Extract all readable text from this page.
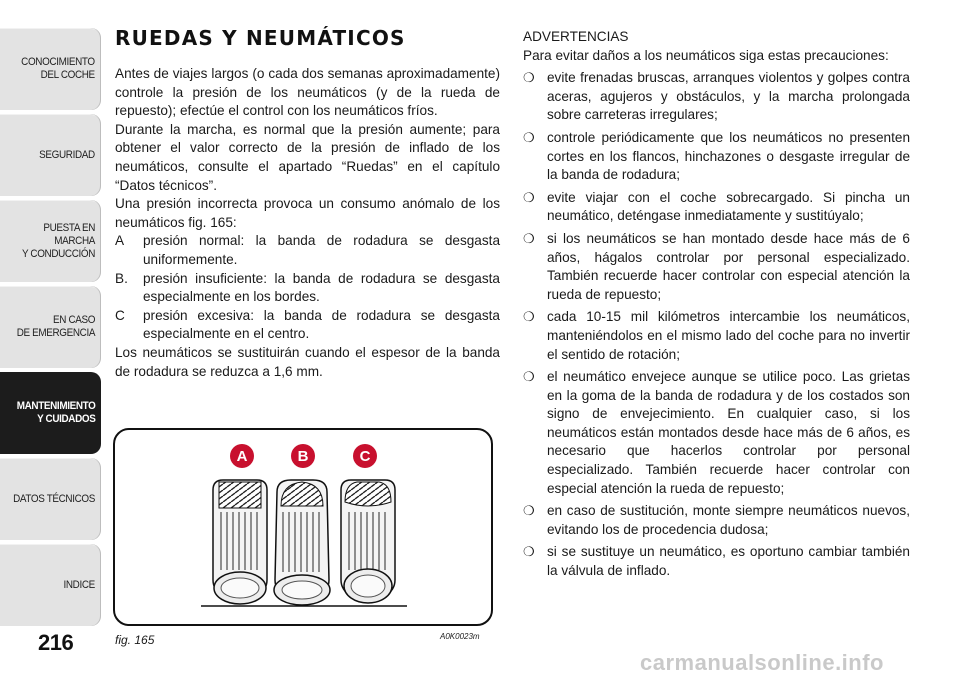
CONOCIMIENTO
DEL COCHE
SEGURIDAD
PUESTA EN MARCHA
Y CONDUCCIÓN
EN CASO
DE EMERGENCIA
MANTENIMIENTO
Y CUIDADOS
DATOS TÉCNICOS
INDICE
216
RUEDAS Y NEUMÁTICOS

Antes de viajes largos (o cada dos semanas aproximadamente) controle la presión de los neumáticos (y de la rueda de repuesto); efectúe el control con los neumáticos fríos.

Durante la marcha, es normal que la presión aumente; para obtener el valor correcto de la presión de inflado de los neumáticos, consulte el apartado “Ruedas” en el capítulo “Datos técnicos”.

Una presión incorrecta provoca un consumo anómalo de los neumáticos fig. 165:

A presión normal: la banda de rodadura se desgasta uniformemente.
B. presión insuficiente: la banda de rodadura se desgasta especialmente en los bordes.
C presión excesiva: la banda de rodadura se desgasta especialmente en el centro.

Los neumáticos se sustituirán cuando el espesor de la banda de rodadura se reduzca a 1,6 mm.

A	B	C
fig. 165	A0K0023m

ADVERTENCIAS

Para evitar daños a los neumáticos siga estas precauciones:

❍ evite frenadas bruscas, arranques violentos y golpes contra aceras, agujeros y obstáculos, y la marcha prolongada sobre carreteras irregulares;
❍ controle periódicamente que los neumáticos no presenten cortes en los flancos, hinchazones o desgaste irregular de la banda de rodadura;
❍ evite viajar con el coche sobrecargado. Si pincha un neumático, deténgase inmediatamente y sustitúyalo;
❍ si los neumáticos se han montado desde hace más de 6 años, hágalos controlar por personal especializado. También recuerde hacer controlar con especial atención la rueda de repuesto;
❍ cada 10-15 mil kilómetros intercambie los neumáticos, manteniéndolos en el mismo lado del coche para no invertir el sentido de rotación;
❍ el neumático envejece aunque se utilice poco. Las grietas en la goma de la banda de rodadura y de los costados son signo de envejecimiento. En cualquier caso, si los neumáticos están montados desde hace más de 6 años, es necesario que hacerlos controlar por personal especializado. También recuerde hacer controlar con especial atención la rueda de repuesto;
❍ en caso de sustitución, monte siempre neumáticos nuevos, evitando los de procedencia dudosa;
❍ si se sustituye un neumático, es oportuno cambiar también la válvula de inflado.
carmanualsonline.info
